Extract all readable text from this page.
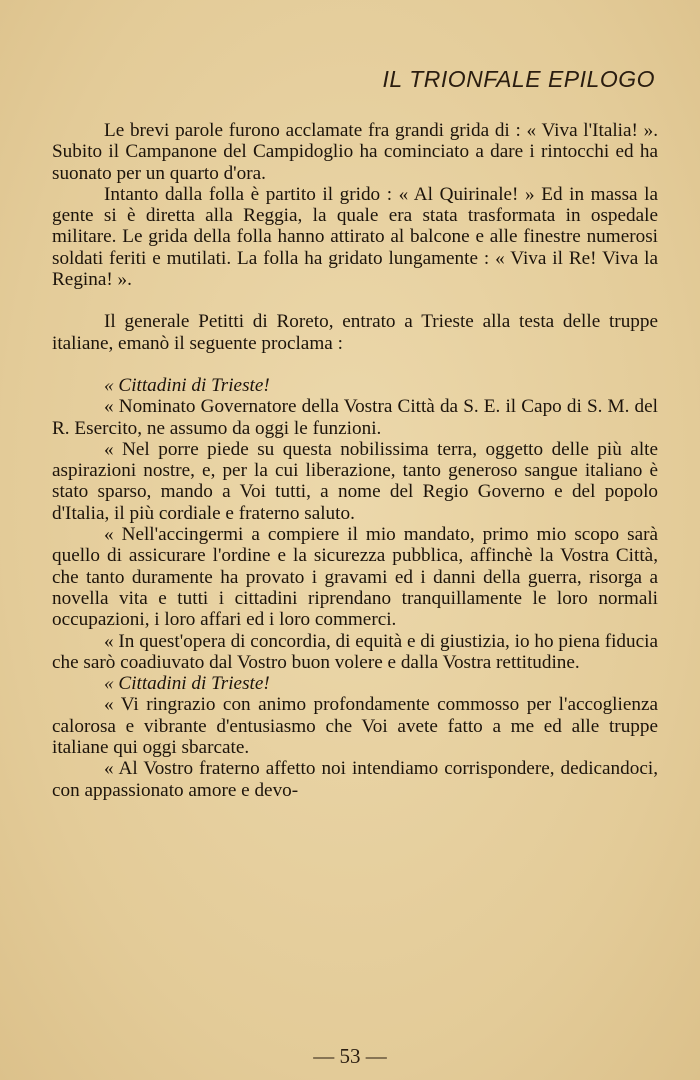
IL TRIONFALE EPILOGO

Le brevi parole furono acclamate fra grandi grida di : « Viva l'Italia! ». Subito il Campanone del Campidoglio ha cominciato a dare i rintocchi ed ha suonato per un quarto d'ora.

Intanto dalla folla è partito il grido : « Al Quirinale! » Ed in massa la gente si è diretta alla Reggia, la quale era stata trasformata in ospedale militare. Le grida della folla hanno attirato al balcone e alle finestre numerosi soldati feriti e mutilati. La folla ha gridato lungamente : « Viva il Re! Viva la Regina! ».

Il generale Petitti di Roreto, entrato a Trieste alla testa delle truppe italiane, emanò il seguente proclama :

« Cittadini di Trieste!

« Nominato Governatore della Vostra Città da S. E. il Capo di S. M. del R. Esercito, ne assumo da oggi le funzioni.

« Nel porre piede su questa nobilissima terra, oggetto delle più alte aspirazioni nostre, e, per la cui liberazione, tanto generoso sangue italiano è stato sparso, mando a Voi tutti, a nome del Regio Governo e del popolo d'Italia, il più cordiale e fraterno saluto.

« Nell'accingermi a compiere il mio mandato, primo mio scopo sarà quello di assicurare l'ordine e la sicurezza pubblica, affinchè la Vostra Città, che tanto duramente ha provato i gravami ed i danni della guerra, risorga a novella vita e tutti i cittadini riprendano tranquillamente le loro normali occupazioni, i loro affari ed i loro commerci.

« In quest'opera di concordia, di equità e di giustizia, io ho piena fiducia che sarò coadiuvato dal Vostro buon volere e dalla Vostra rettitudine.

« Cittadini di Trieste!

« Vi ringrazio con animo profondamente commosso per l'accoglienza calorosa e vibrante d'entusiasmo che Voi avete fatto a me ed alle truppe italiane qui oggi sbarcate.

« Al Vostro fraterno affetto noi intendiamo corrispondere, dedicandoci, con appassionato amore e devo-

— 53 —
